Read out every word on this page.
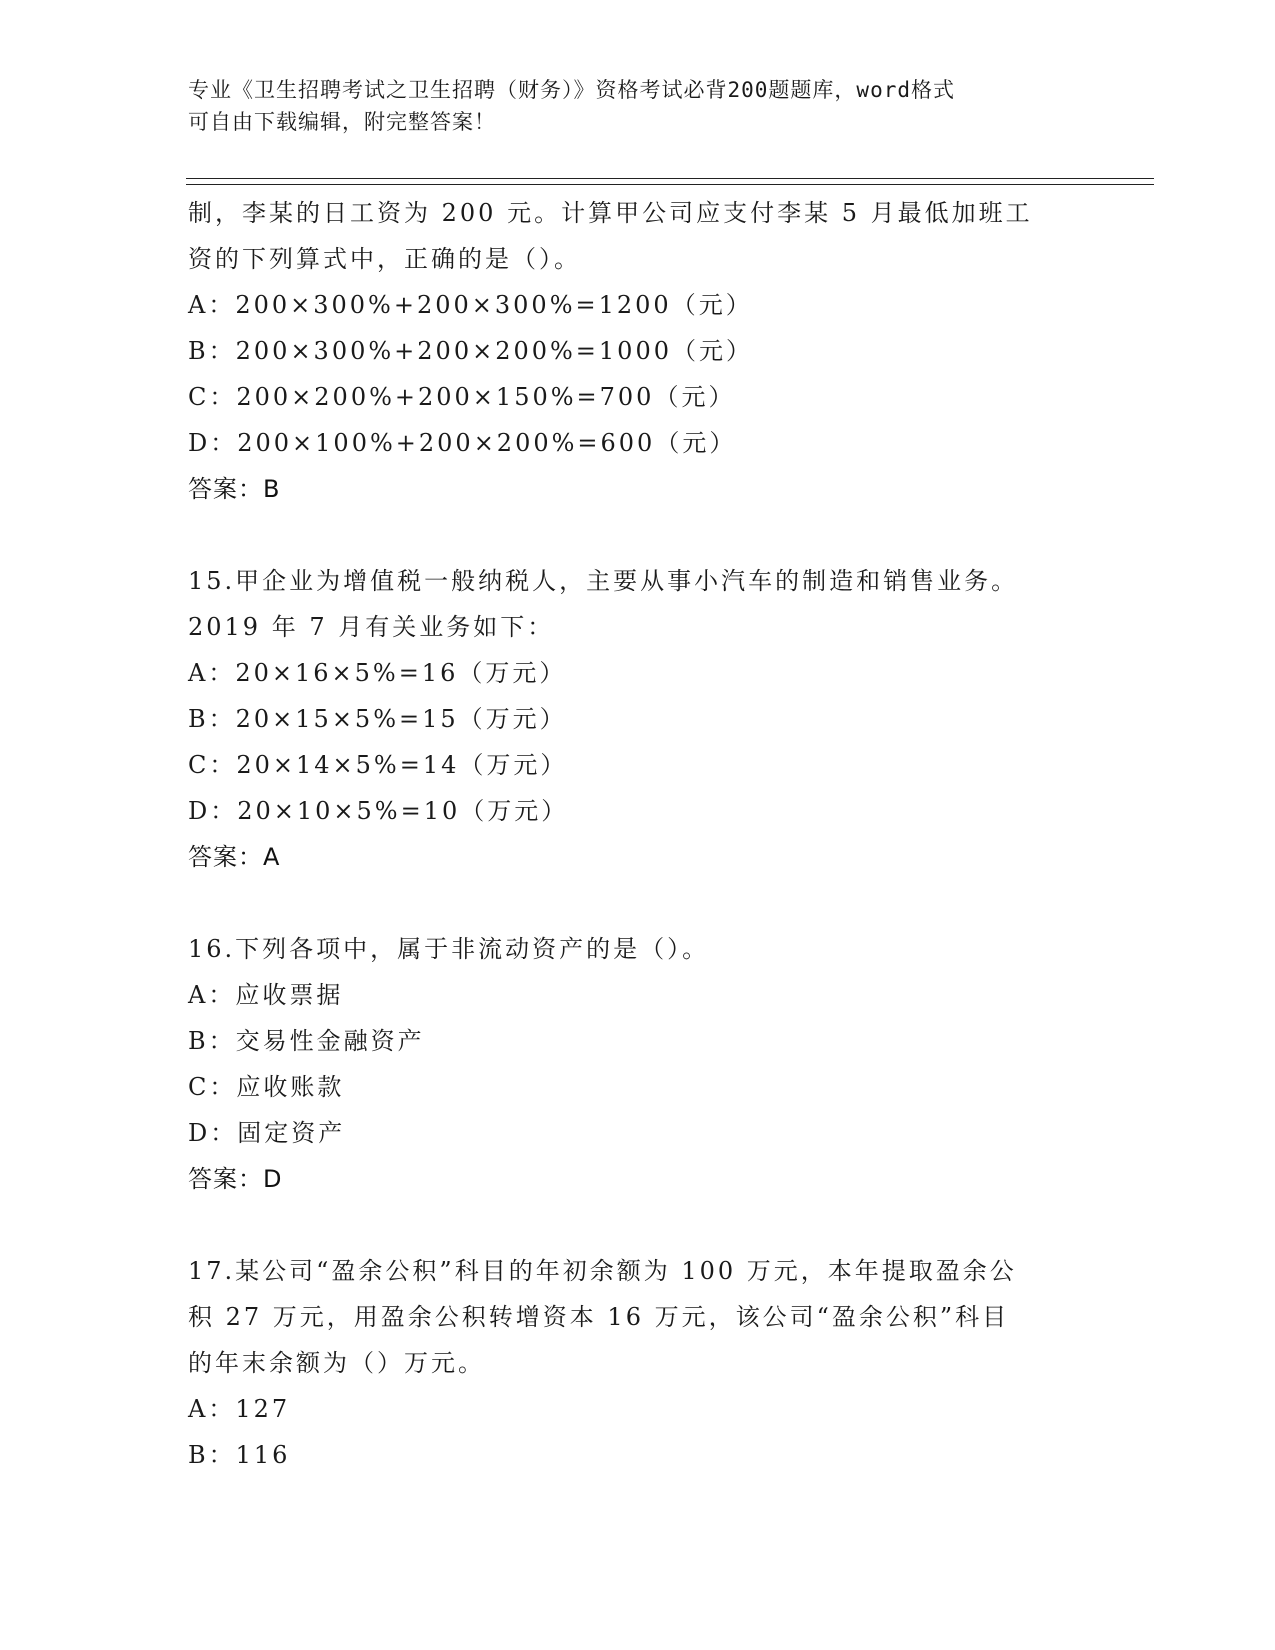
专业《卫生招聘考试之卫生招聘（财务）》资格考试必背200题题库，word格式
可自由下载编辑，附完整答案！
制，李某的日工资为 200 元。计算甲公司应支付李某 5 月最低加班工
资的下列算式中，正确的是（）。
A：200×300%+200×300%=1200（元）
B：200×300%+200×200%=1000（元）
C：200×200%+200×150%=700（元）
D：200×100%+200×200%=600（元）
答案：B
15.甲企业为增值税一般纳税人，主要从事小汽车的制造和销售业务。
2019 年 7 月有关业务如下：
A：20×16×5%=16（万元）
B：20×15×5%=15（万元）
C：20×14×5%=14（万元）
D：20×10×5%=10（万元）
答案：A
16.下列各项中，属于非流动资产的是（）。
A：应收票据
B：交易性金融资产
C：应收账款
D：固定资产
答案：D
17.某公司“盈余公积”科目的年初余额为 100 万元，本年提取盈余公
积 27 万元，用盈余公积转增资本 16 万元，该公司“盈余公积”科目
的年末余额为（）万元。
A：127
B：116
